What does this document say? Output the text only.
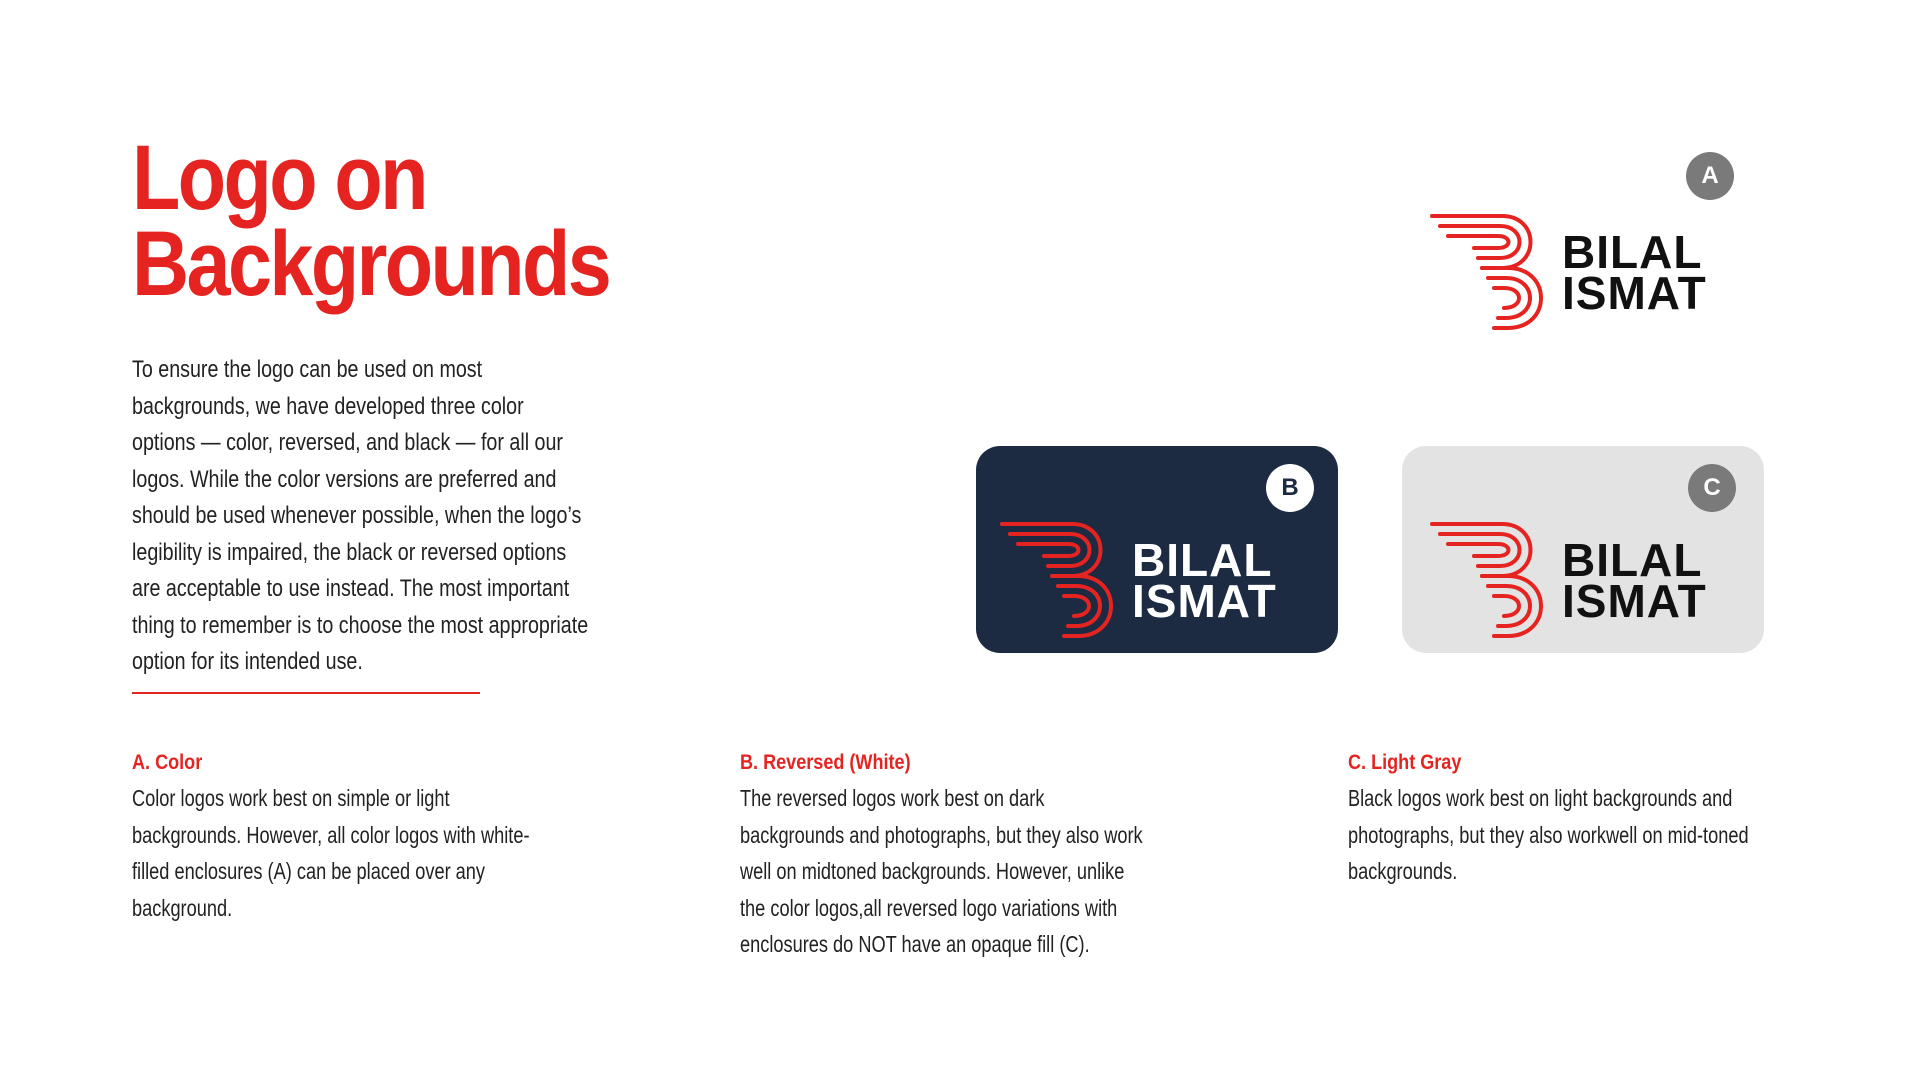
Logo on
Backgrounds

To ensure the logo can be used on most backgrounds, we have developed three color options — color, reversed, and black — for all our logos. While the color versions are preferred and should be used whenever possible, when the logo’s legibility is impaired, the black or reversed options are acceptable to use instead. The most important thing to remember is to choose the most appropriate option for its intended use.

A
BILAL
ISMAT
B
BILAL
ISMAT
C
BILAL
ISMAT
A. Color

Color logos work best on simple or light backgrounds. However, all color logos with white-filled enclosures (A) can be placed over any background.

B. Reversed (White)

The reversed logos work best on dark backgrounds and photographs, but they also work well on midtoned backgrounds. However, unlike the color logos,all reversed logo variations with enclosures do NOT have an opaque fill (C).

C. Light Gray

Black logos work best on light backgrounds and photographs, but they also workwell on mid-toned backgrounds.
